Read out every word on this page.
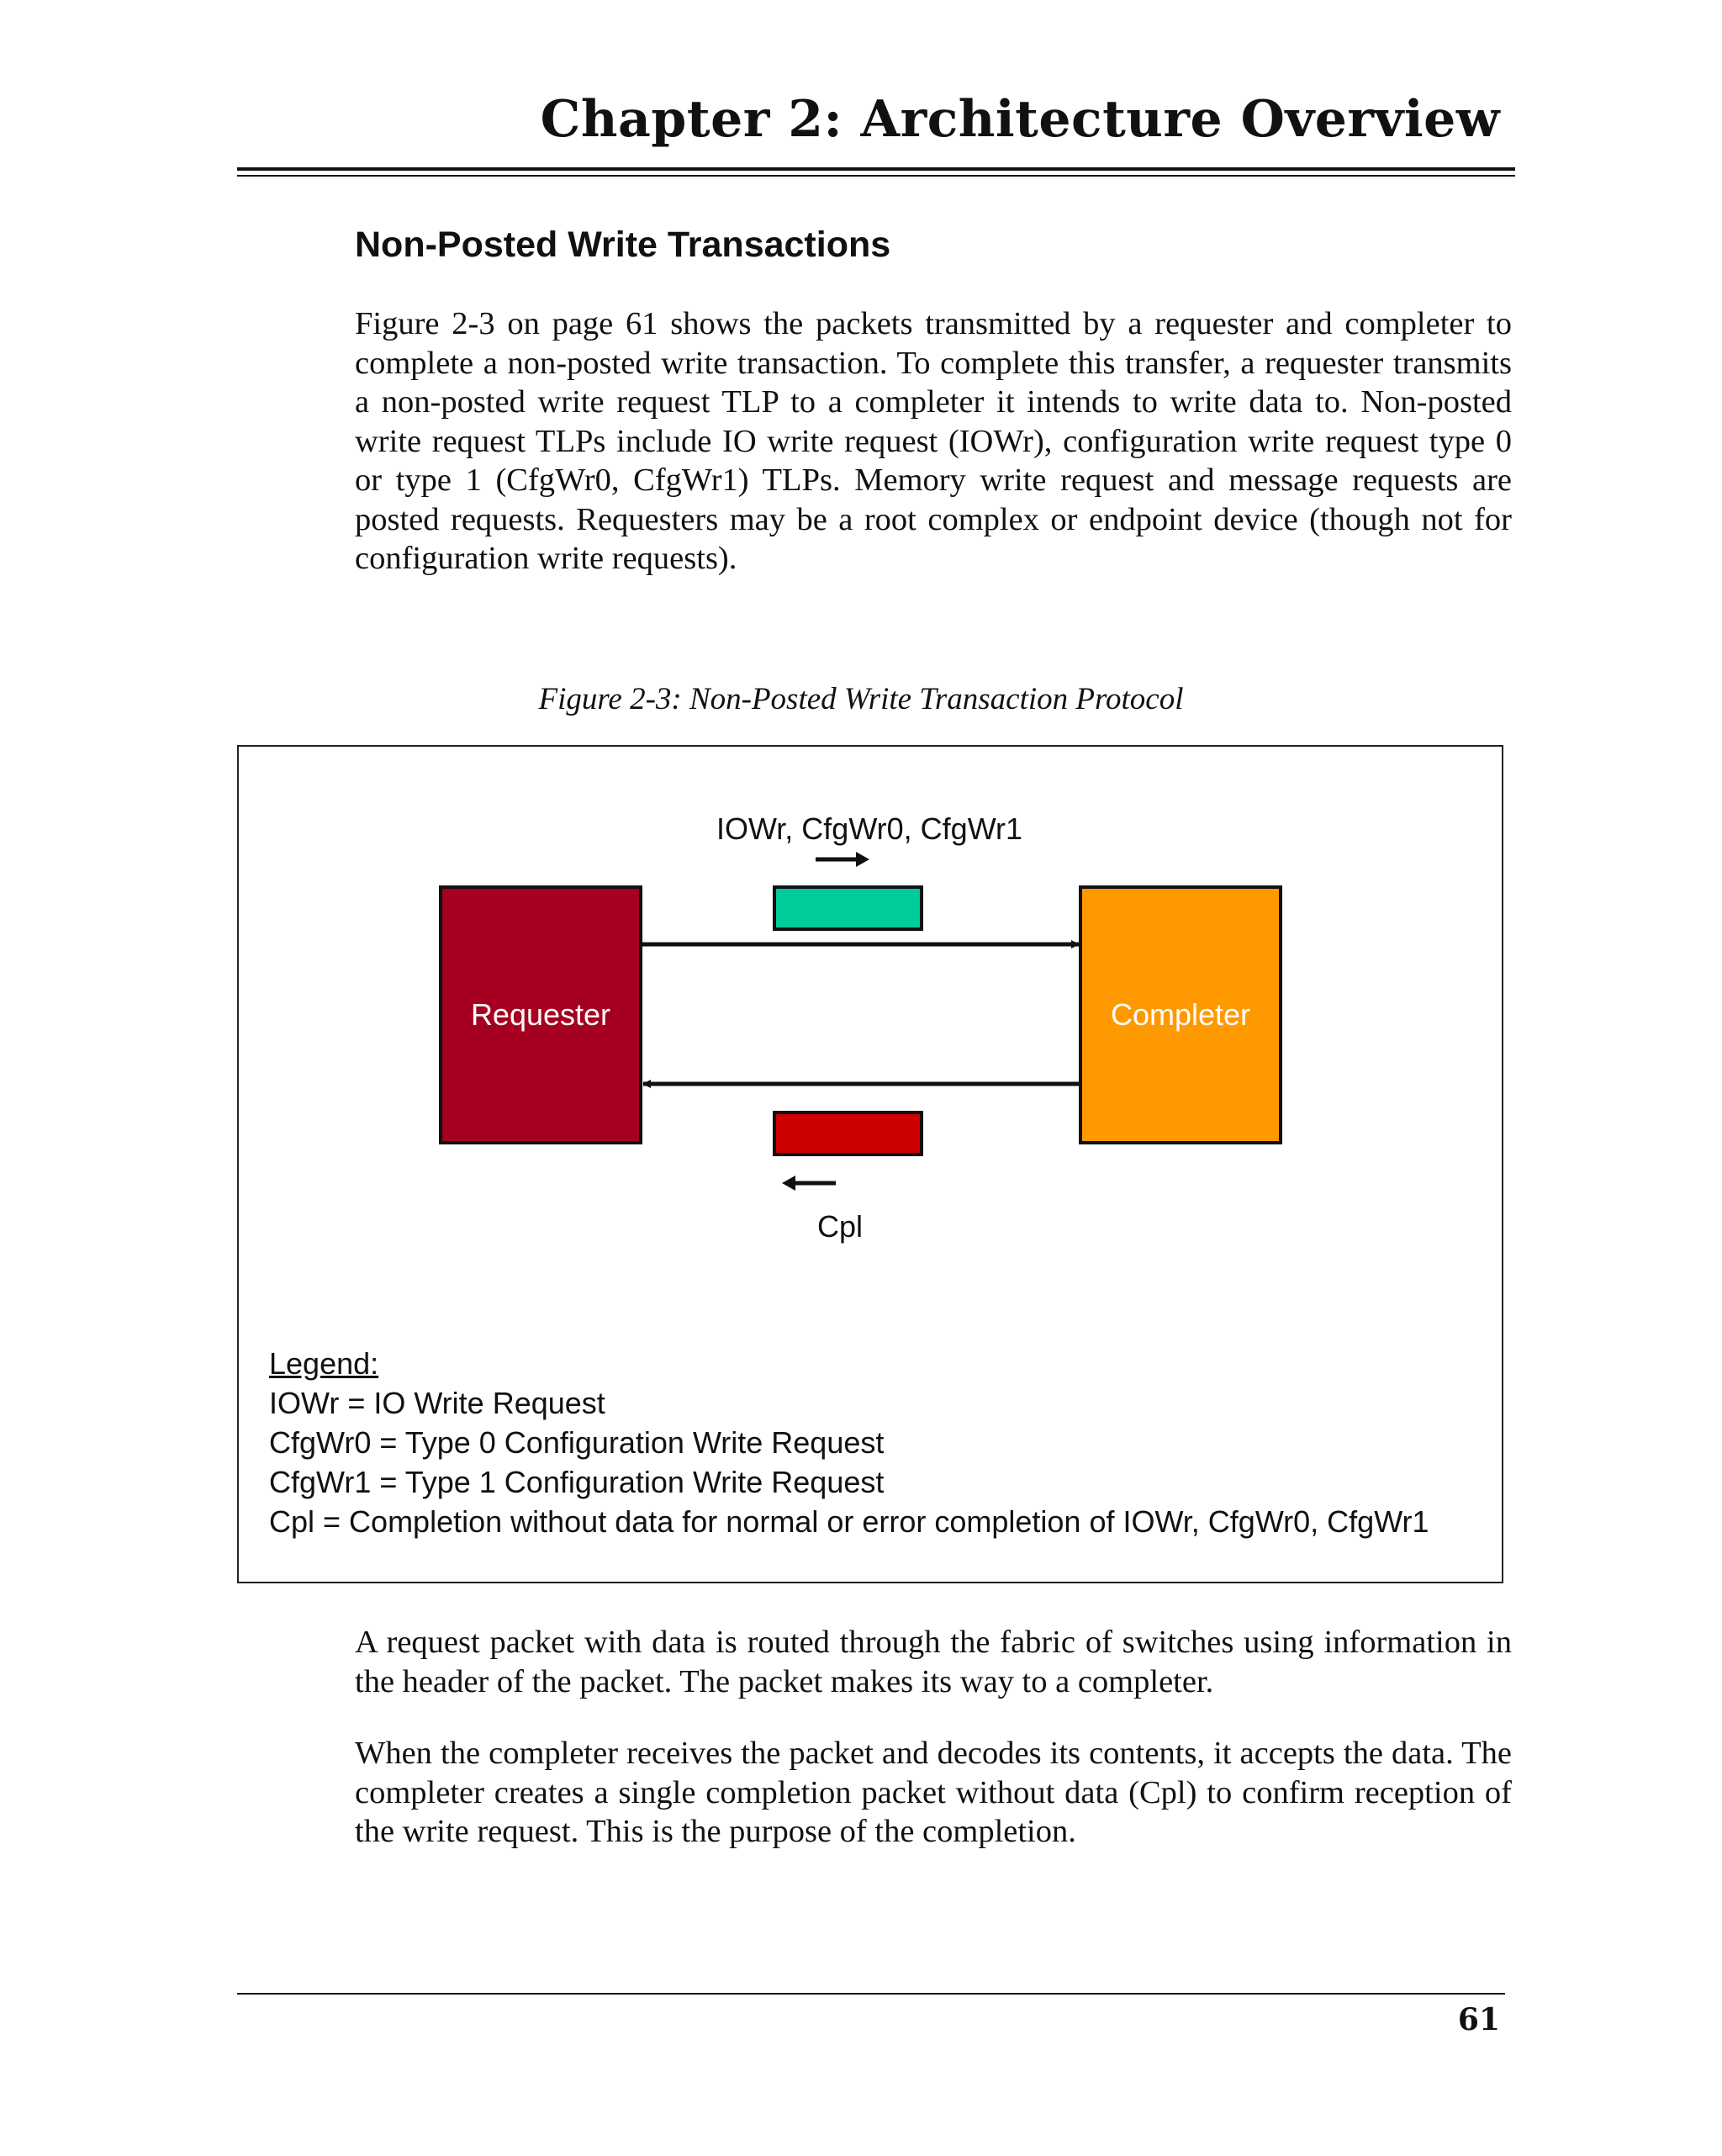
Chapter 2: Architecture Overview
Non-Posted Write Transactions

Figure 2-3 on page 61 shows the packets transmitted by a requester and completer to complete a non-posted write transaction. To complete this transfer, a requester transmits a non-posted write request TLP to a completer it intends to write data to. Non-posted write request TLPs include IO write request (IOWr), configuration write request type 0 or type 1 (CfgWr0, CfgWr1) TLPs. Memory write request and message requests are posted requests. Requesters may be a root complex or endpoint device (though not for configuration write requests).

Figure 2-3: Non-Posted Write Transaction Protocol

IOWr, CfgWr0, CfgWr1
Requester	Completer
Cpl
Legend:
IOWr = IO Write Request
CfgWr0 = Type 0 Configuration Write Request
CfgWr1 = Type 1 Configuration Write Request
Cpl = Completion without data for normal or error completion of IOWr, CfgWr0, CfgWr1

A request packet with data is routed through the fabric of switches using information in the header of the packet. The packet makes its way to a completer.

When the completer receives the packet and decodes its contents, it accepts the data. The completer creates a single completion packet without data (Cpl) to confirm reception of the write request. This is the purpose of the completion.

61
